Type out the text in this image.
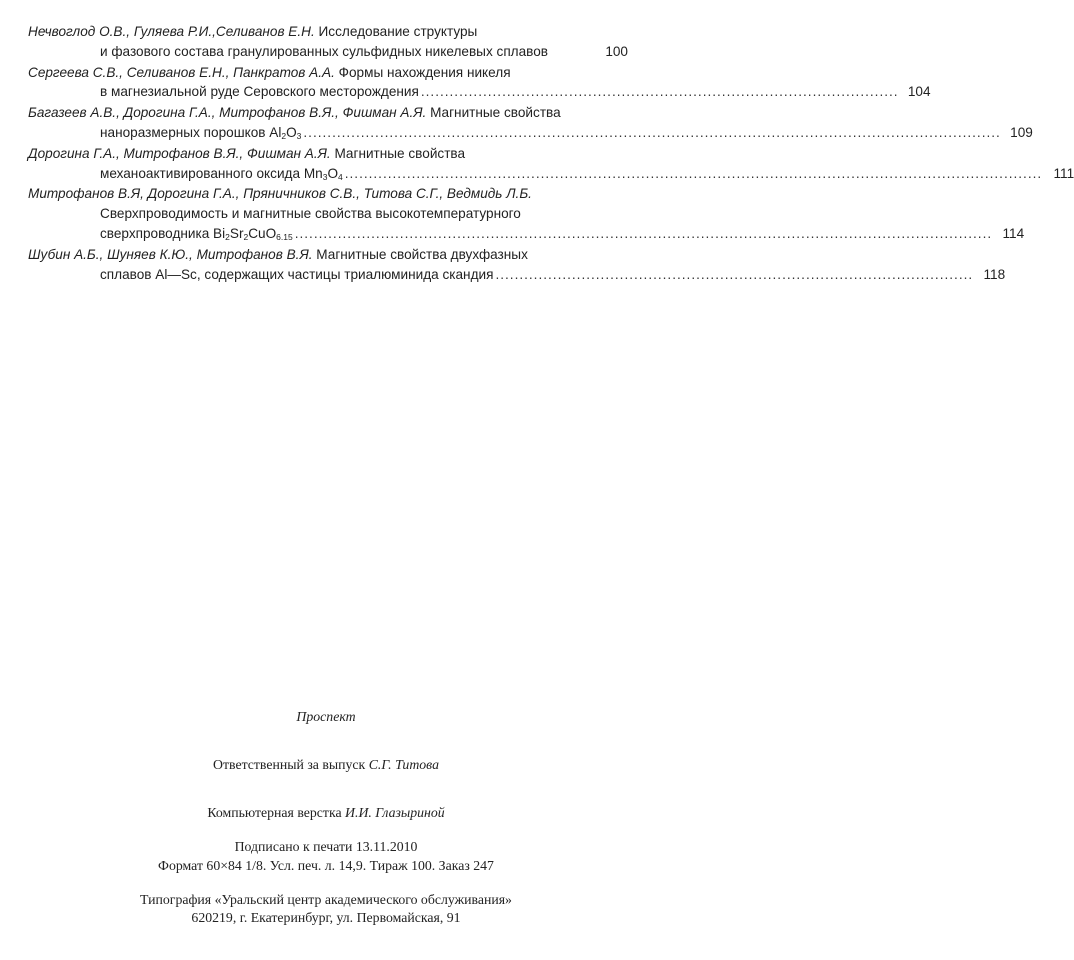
Нечвоглод О.В., Гуляева Р.И.,Селиванов Е.Н.
Исследование структуры
и фазового состава гранулированных сульфидных никелевых сплавов	100
Сергеева С.В., Селиванов Е.Н., Панкратов А.А.
Формы нахождения никеля
в магнезиальной руде Серовского месторождения .................................................................................................... 104
Багазеев А.В., Дорогина Г.А., Митрофанов В.Я., Фишман А.Я.
Магнитные свойства
наноразмерных порошков $Al_2O_3$ .................................................................................................................................................. 109
Дорогина Г.А., Митрофанов В.Я., Фишман А.Я.
Магнитные свойства
механоактивированного оксида $Mn_3O_4$ .................................................................................................................................................. 111
Митрофанов В.Я, Дорогина Г.А., Пряничников С.В., Титова С.Г., Ведмидь Л.Б.
Сверхпроводимость и магнитные свойства высокотемпературного
сверхпроводника $Bi_2Sr_2CuO_{6.15}$ .................................................................................................................................................. 114
Шубин А.Б., Шуняев К.Ю., Митрофанов В.Я.
Магнитные свойства двухфазных
сплавов Al—Sc, содержащих частицы триалюминида скандия .................................................................................................... 118
Проспект
Ответственный за выпуск С.Г. Титова
Компьютерная верстка И.И. Глазыриной
Подписано к печати 13.11.2010
Формат 60×84 1/8. Усл. печ. л. 14,9. Тираж 100. Заказ 247
Типография «Уральский центр академического обслуживания»
620219, г. Екатеринбург, ул. Первомайская, 91
